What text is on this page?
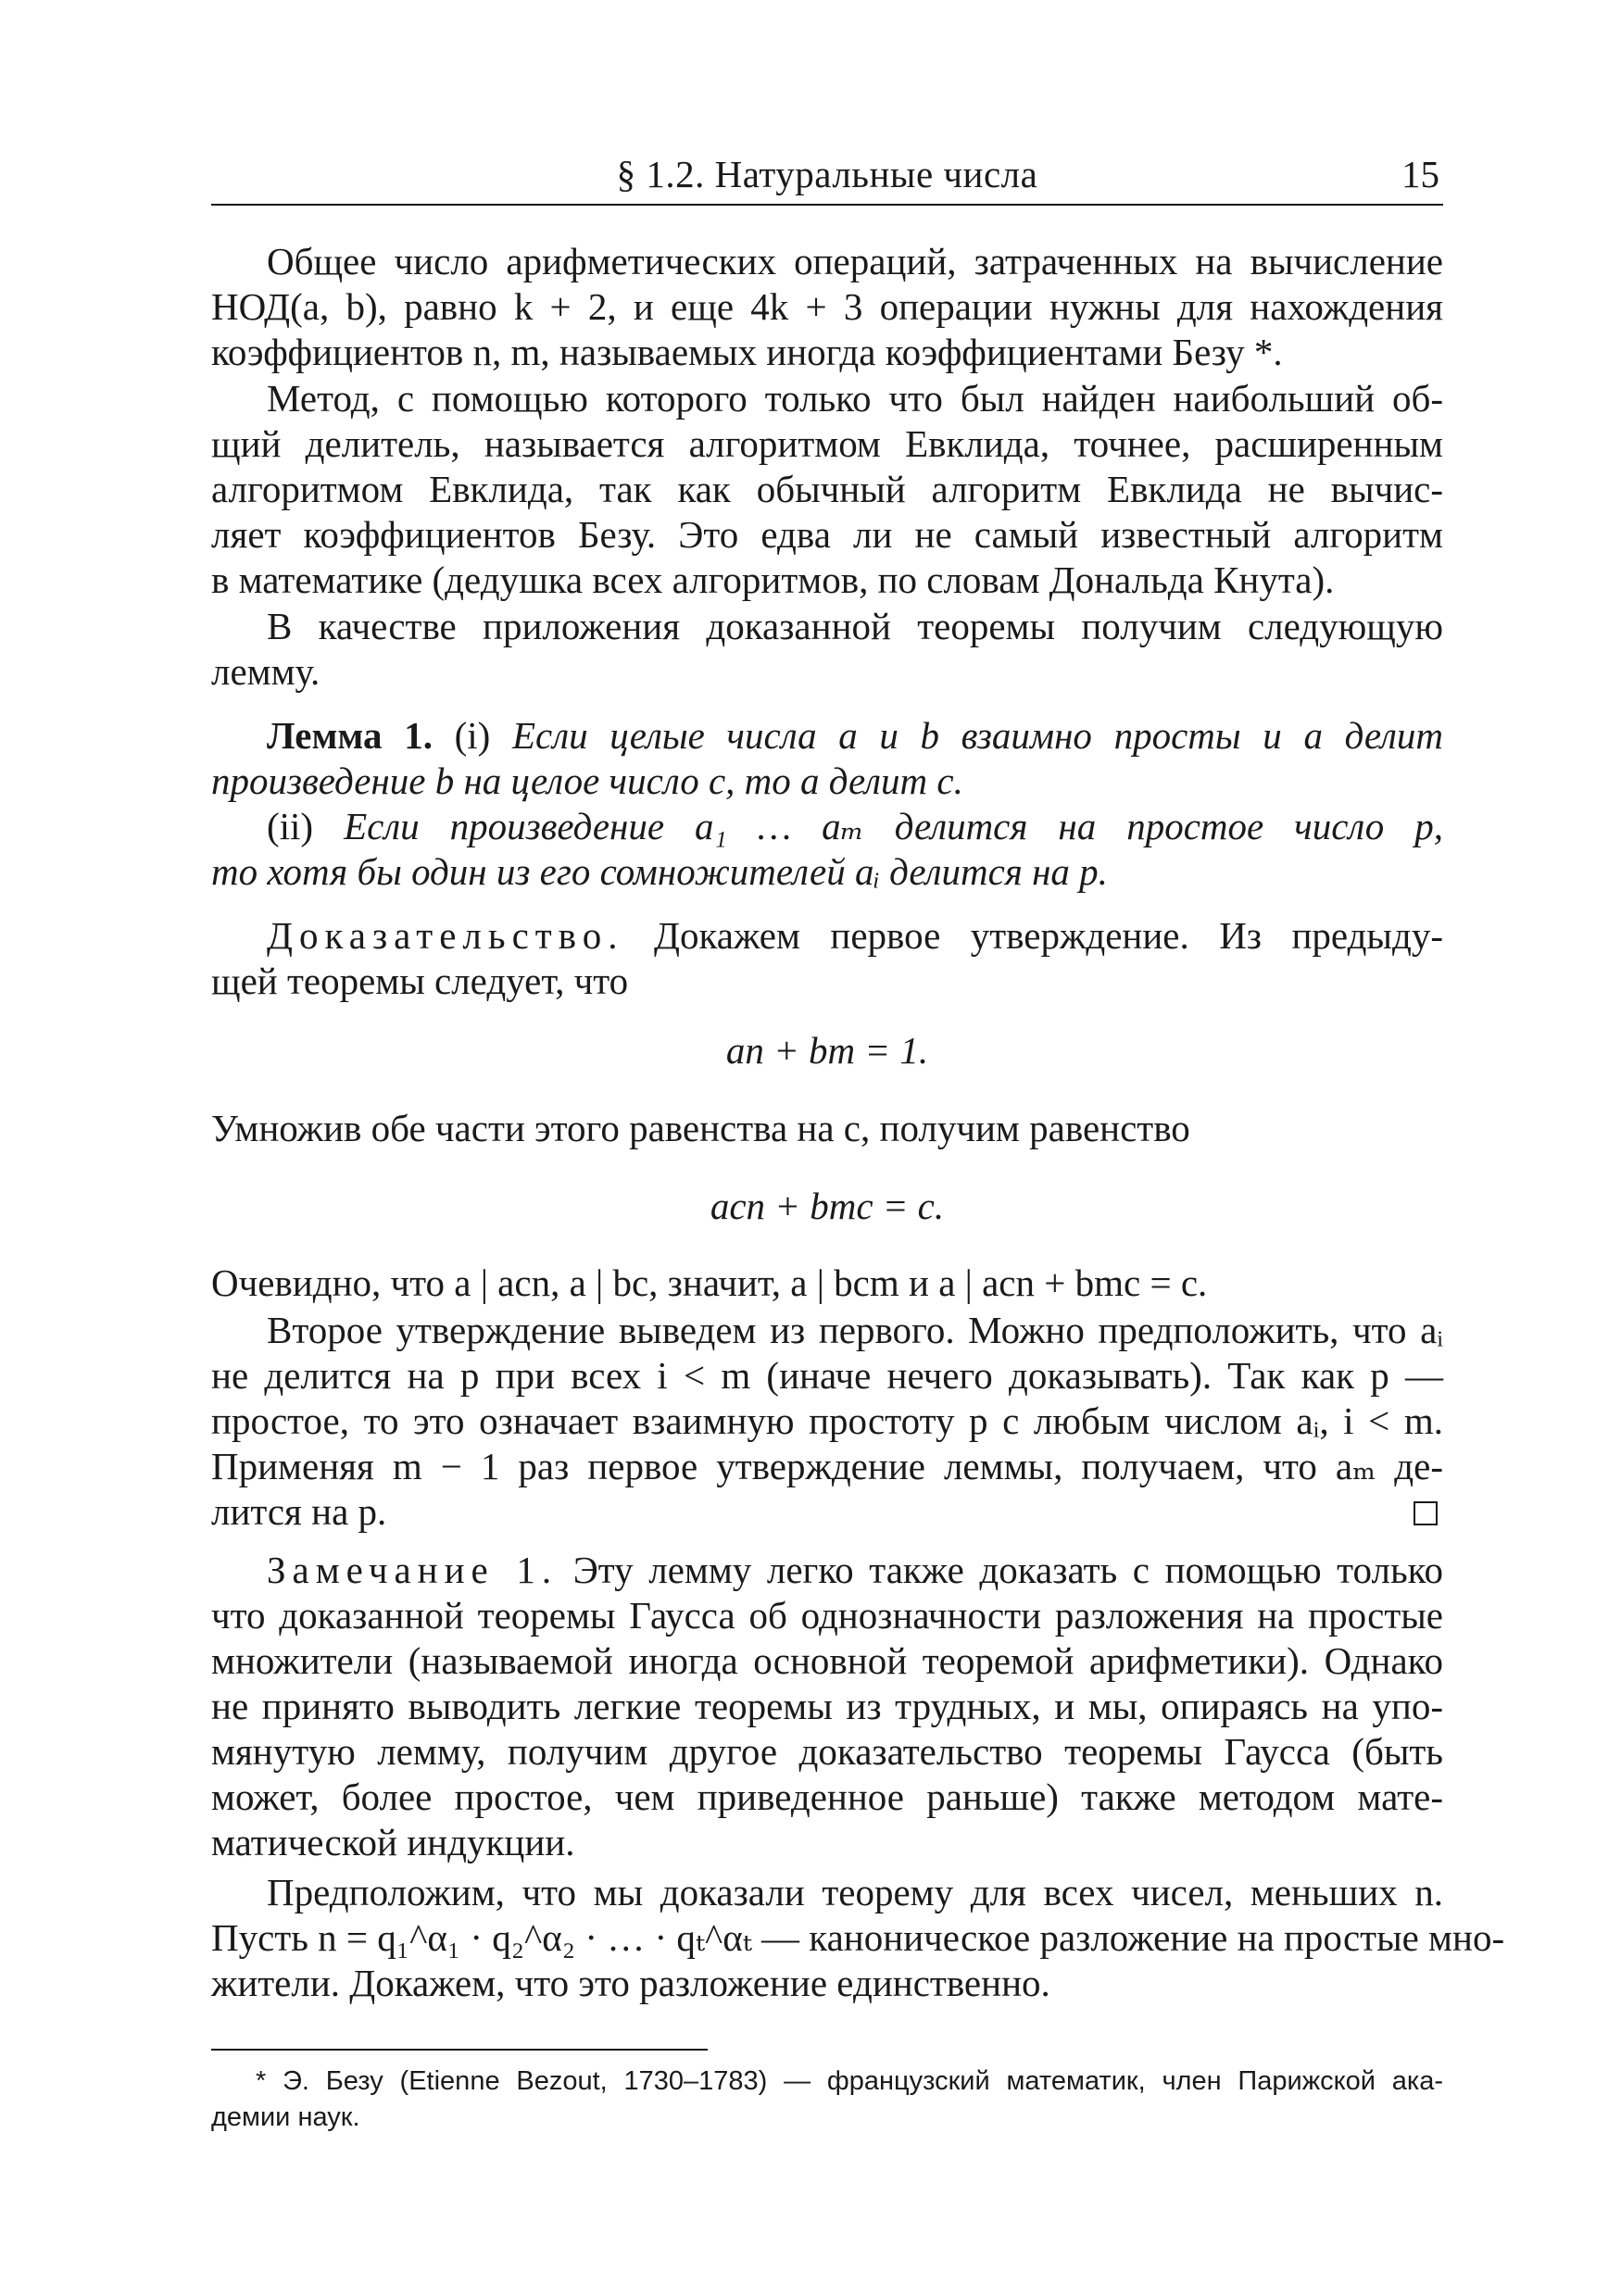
§ 1.2. Натуральные числа	15
Общее число арифметических операций, затраченных на вычисление
НОД(a, b), равно k + 2, и еще 4k + 3 операции нужны для нахождения
коэффициентов n, m, называемых иногда коэффициентами Безу *.
Метод, с помощью которого только что был найден наибольший об-
щий делитель, называется алгоритмом Евклида, точнее, расширенным
алгоритмом Евклида, так как обычный алгоритм Евклида не вычис-
ляет коэффициентов Безу. Это едва ли не самый известный алгоритм
в математике (дедушка всех алгоритмов, по словам Дональда Кнута).
В качестве приложения доказанной теоремы получим следующую
лемму.
Лемма 1. (i) Если целые числа a и b взаимно просты и a делит
произведение b на целое число c, то a делит c.
(ii) Если произведение a₁ … aₘ делится на простое число p,
то хотя бы один из его сомножителей aᵢ делится на p.
Доказательство. Докажем первое утверждение. Из предыду-
щей теоремы следует, что
an + bm = 1.
Умножив обе части этого равенства на c, получим равенство
acn + bmc = c.
Очевидно, что a | acn, a | bc, значит, a | bcm и a | acn + bmc = c.
Второе утверждение выведем из первого. Можно предположить, что aᵢ
не делится на p при всех i < m (иначе нечего доказывать). Так как p —
простое, то это означает взаимную простоту p с любым числом aᵢ, i < m.
Применяя m − 1 раз первое утверждение леммы, получаем, что aₘ де-
лится на p.
Замечание 1. Эту лемму легко также доказать с помощью только
что доказанной теоремы Гаусса об однозначности разложения на простые
множители (называемой иногда основной теоремой арифметики). Однако
не принято выводить легкие теоремы из трудных, и мы, опираясь на упо-
мянутую лемму, получим другое доказательство теоремы Гаусса (быть
может, более простое, чем приведенное раньше) также методом мате-
матической индукции.
Предположим, что мы доказали теорему для всех чисел, меньших n.
Пусть n = q₁^α₁ · q₂^α₂ · … · qₜ^αₜ — каноническое разложение на простые мно-
жители. Докажем, что это разложение единственно.
* Э. Безу (Etienne Bezout, 1730–1783) — французский математик, член Парижской ака-
демии наук.
